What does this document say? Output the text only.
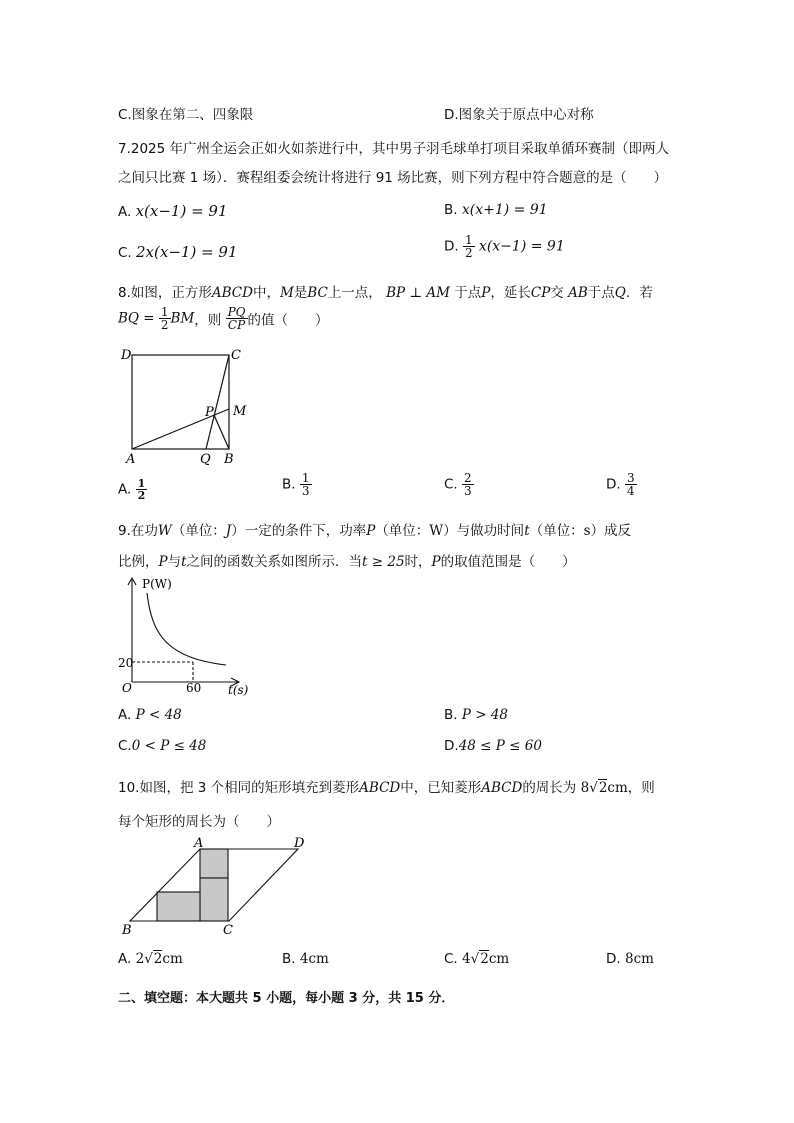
C.图象在第二、四象限	D.图象关于原点中心对称
7.2025 年广州全运会正如火如荼进行中，其中男子羽毛球单打项目采取单循环赛制（即两人
之间只比赛 1 场）．赛程组委会统计将进行 91 场比赛，则下列方程中符合题意的是（　　）
A. x(x−1) = 91	B. x(x+1) = 91
C. 2x(x−1) = 91	D. $\frac{1}{2} x(x-1) = 91$
8.如图，正方形ABCD中，M是BC上一点， BP ⊥ AM 于点P，延长CP交 AB于点Q．若
BQ = $\frac{1}{2}$ BM，则 $\frac{PQ}{CP}$ 的值（　　）
D	C
P M
A	Q B
A. $\frac{1}{2}$	B. $\frac{1}{3}$	C. $\frac{2}{3}$	D. $\frac{3}{4}$
9.在功W（单位：J）一定的条件下，功率P（单位：W）与做功时间t（单位：s）成反
比例，P与t之间的函数关系如图所示．当t ≥ 25时，P的取值范围是（　　）
P(W)
t(s)
O
20
60
A. P < 48	B. P > 48
C.0 < P ≤ 48	D.48 ≤ P ≤ 60
10.如图，把 3 个相同的矩形填充到菱形ABCD中，已知菱形ABCD的周长为 8√2cm，则
每个矩形的周长为（　　）
A	D
B	C
A. 2√2cm	B. 4cm	C. 4√2cm	D. 8cm
二、填空题：本大题共 5 小题，每小题 3 分，共 15 分．
